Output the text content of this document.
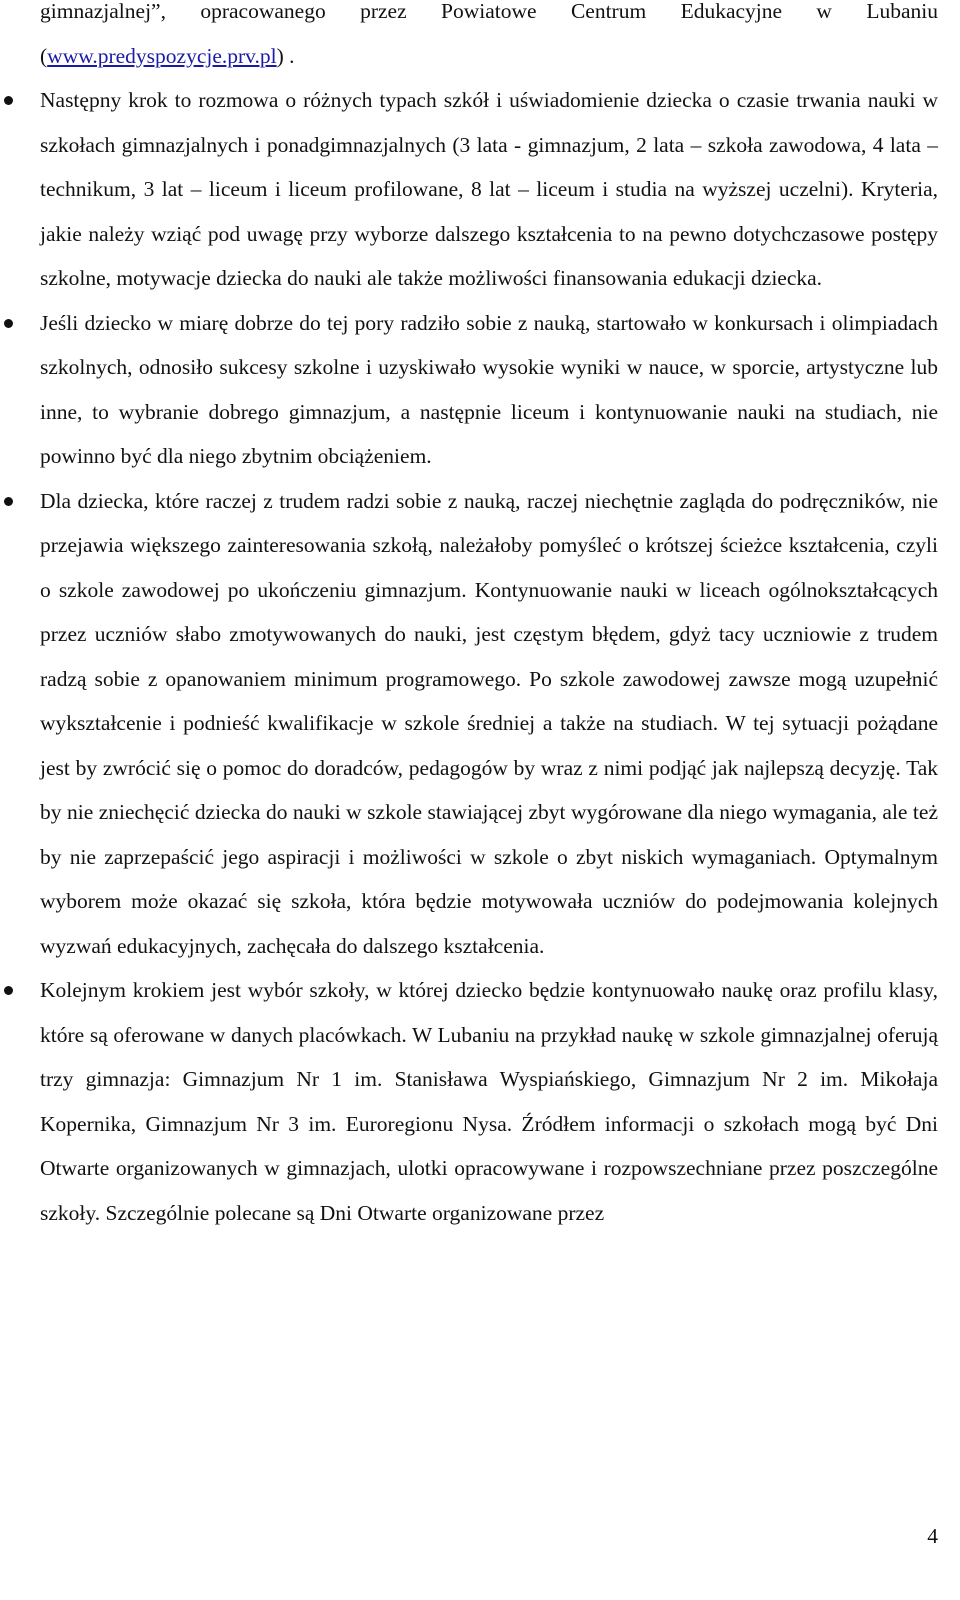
gimnazjalnej”, opracowanego przez Powiatowe Centrum Edukacyjne w Lubaniu (www.predyspozycje.prv.pl) .

Następny krok to rozmowa o różnych typach szkół i uświadomienie dziecka o czasie trwania nauki w szkołach gimnazjalnych i ponadgimnazjalnych (3 lata - gimnazjum, 2 lata – szkoła zawodowa, 4 lata – technikum, 3 lat – liceum i liceum profilowane, 8 lat – liceum i studia na wyższej uczelni). Kryteria, jakie należy wziąć pod uwagę przy wyborze dalszego kształcenia to na pewno dotychczasowe postępy szkolne, motywacje dziecka do nauki ale także możliwości finansowania edukacji dziecka.
Jeśli dziecko w miarę dobrze do tej pory radziło sobie z nauką, startowało w konkursach i olimpiadach szkolnych, odnosiło sukcesy szkolne i uzyskiwało wysokie wyniki w nauce, w sporcie, artystyczne lub inne, to wybranie dobrego gimnazjum, a następnie liceum i kontynuowanie nauki na studiach, nie powinno być dla niego zbytnim obciążeniem.
Dla dziecka, które raczej z trudem radzi sobie z nauką, raczej niechętnie zagląda do podręczników, nie przejawia większego zainteresowania szkołą, należałoby pomyśleć o krótszej ścieżce kształcenia, czyli o szkole zawodowej po ukończeniu gimnazjum. Kontynuowanie nauki w liceach ogólnokształcących przez uczniów słabo zmotywowanych do nauki, jest częstym błędem, gdyż tacy uczniowie z trudem radzą sobie z opanowaniem minimum programowego. Po szkole zawodowej zawsze mogą uzupełnić wykształcenie i podnieść kwalifikacje w szkole średniej a także na studiach. W tej sytuacji pożądane jest by zwrócić się o pomoc do doradców, pedagogów by wraz z nimi podjąć jak najlepszą decyzję. Tak by nie zniechęcić dziecka do nauki w szkole stawiającej zbyt wygórowane dla niego wymagania, ale też by nie zaprzepaścić jego aspiracji i możliwości w szkole o zbyt niskich wymaganiach. Optymalnym wyborem może okazać się szkoła, która będzie motywowała uczniów do podejmowania kolejnych wyzwań edukacyjnych, zachęcała do dalszego kształcenia.
Kolejnym krokiem jest wybór szkoły, w której dziecko będzie kontynuowało naukę oraz profilu klasy, które są oferowane w danych placówkach. W Lubaniu na przykład naukę w szkole gimnazjalnej oferują trzy gimnazja: Gimnazjum Nr 1 im. Stanisława Wyspiańskiego, Gimnazjum Nr 2 im. Mikołaja Kopernika, Gimnazjum Nr 3 im. Euroregionu Nysa. Źródłem informacji o szkołach mogą być Dni Otwarte organizowanych w gimnazjach, ulotki opracowywane i rozpowszechniane przez poszczególne szkoły. Szczególnie polecane są Dni Otwarte organizowane przez
4
